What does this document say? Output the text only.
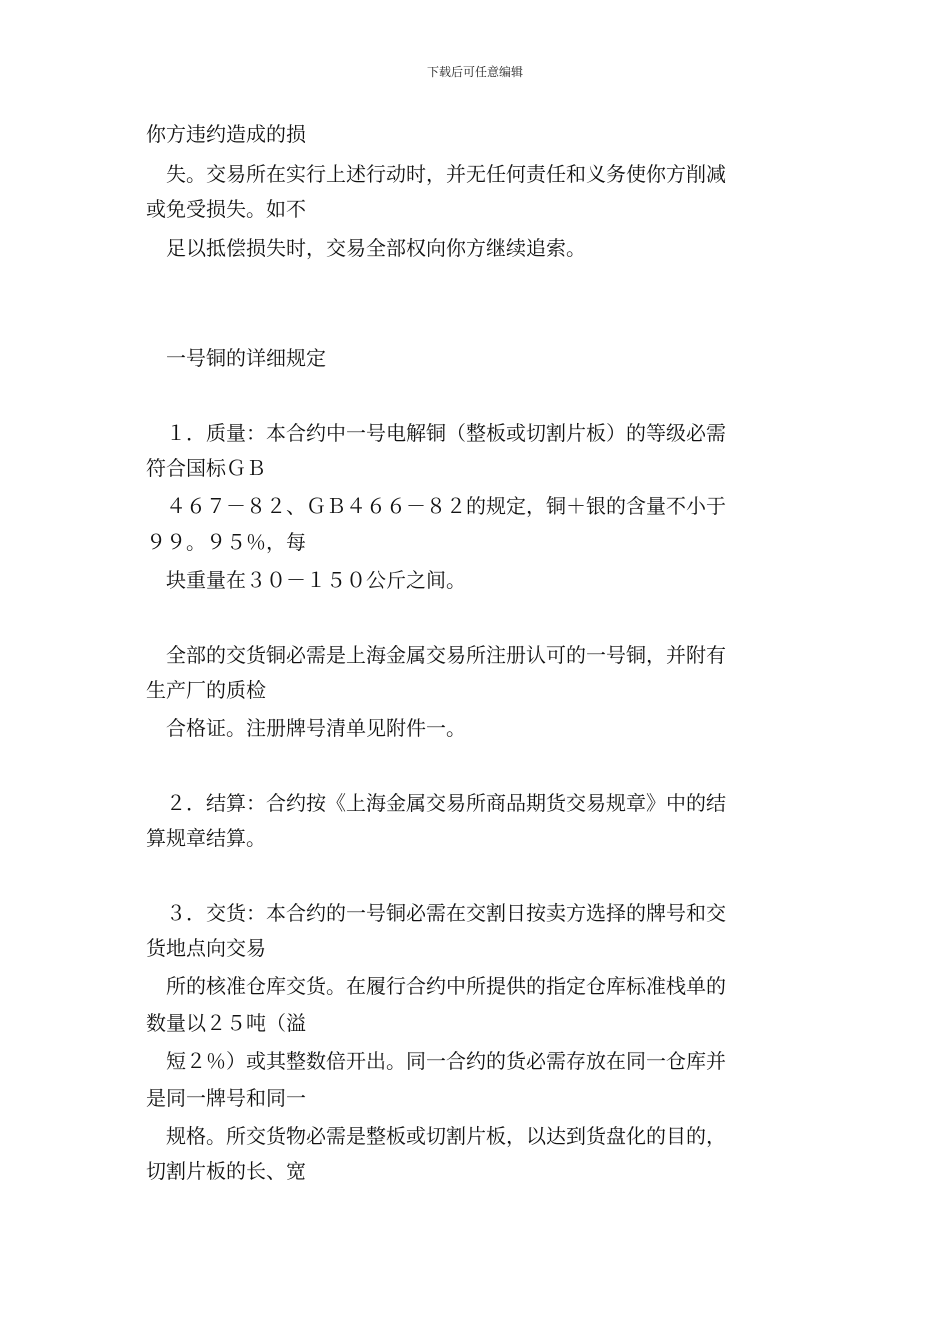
下载后可任意编辑
你方违约造成的损
　失。交易所在实行上述行动时，并无任何责任和义务使你方削减
或免受损失。如不
　足以抵偿损失时，交易全部权向你方继续追索。
　一号铜的详细规定
　１．质量：本合约中一号电解铜（整板或切割片板）的等级必需
符合国标ＧＢ
　４６７－８２、ＧＢ４６６－８２的规定，铜＋银的含量不小于
９９。９５％，每
　块重量在３０－１５０公斤之间。
　全部的交货铜必需是上海金属交易所注册认可的一号铜，并附有
生产厂的质检
　合格证。注册牌号清单见附件一。
　２．结算：合约按《上海金属交易所商品期货交易规章》中的结
算规章结算。
　３．交货：本合约的一号铜必需在交割日按卖方选择的牌号和交
货地点向交易
　所的核准仓库交货。在履行合约中所提供的指定仓库标准栈单的
数量以２５吨（溢
　短２％）或其整数倍开出。同一合约的货必需存放在同一仓库并
是同一牌号和同一
　规格。所交货物必需是整板或切割片板，以达到货盘化的目的，
切割片板的长、宽
